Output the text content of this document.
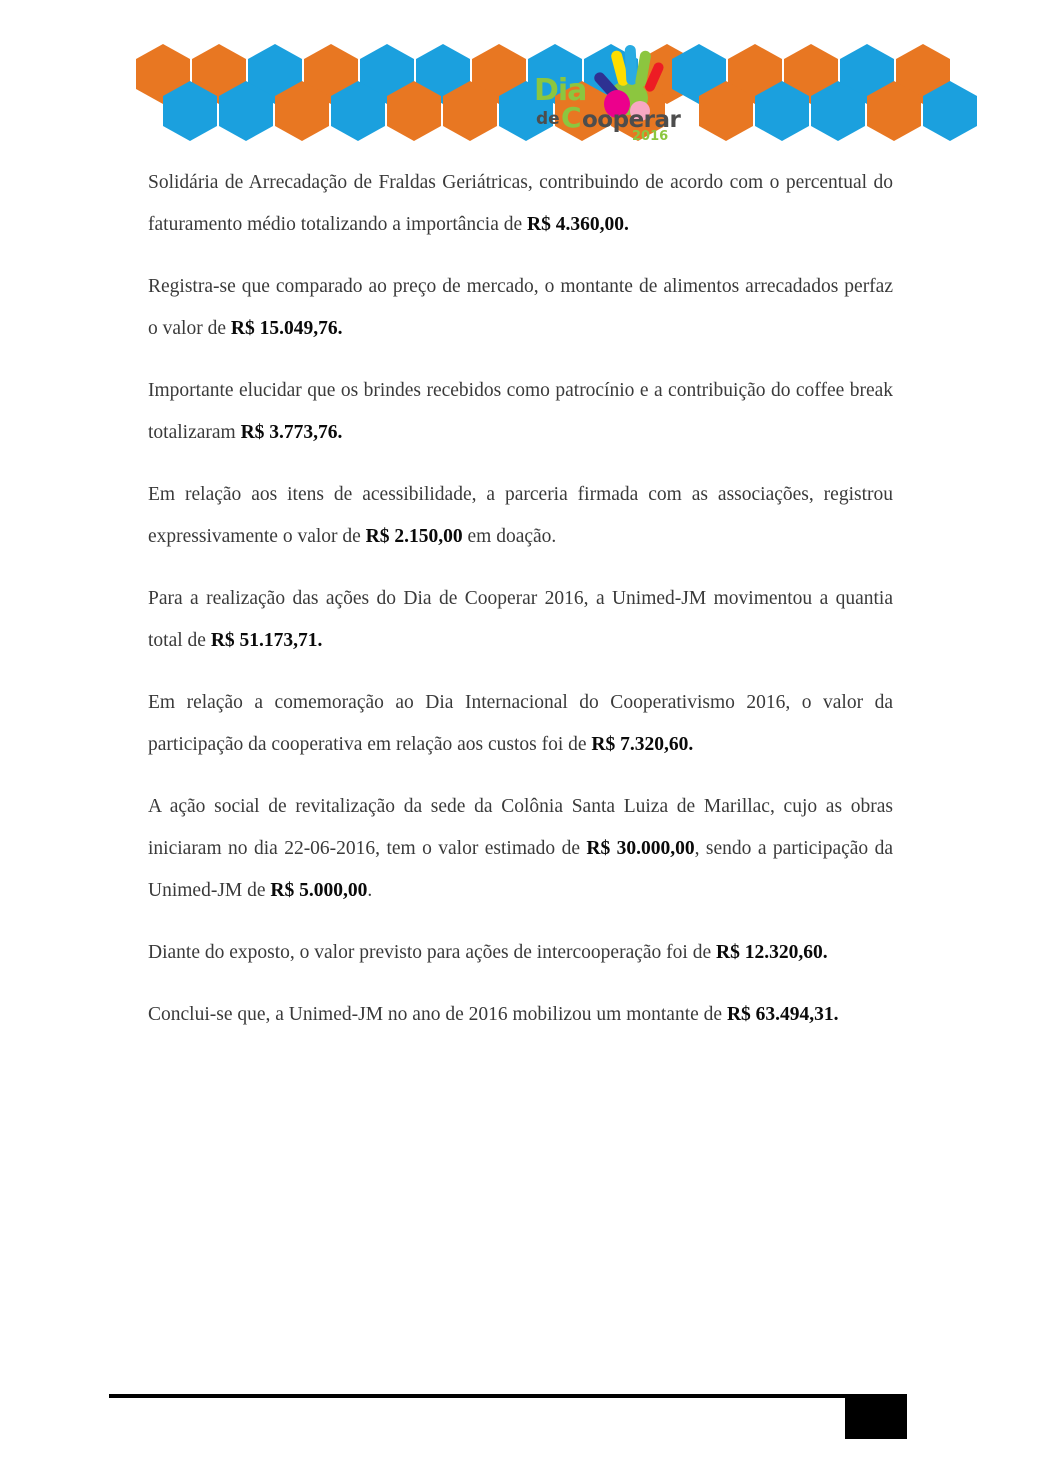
Dia
de C ooperar
2016

Solidária de Arrecadação de Fraldas Geriátricas, contribuindo de acordo com o percentual do faturamento médio totalizando a importância de R$ 4.360,00.

Registra-se que comparado ao preço de mercado, o montante de alimentos arrecadados perfaz o valor de R$ 15.049,76.

Importante elucidar que os brindes recebidos como patrocínio e a contribuição do coffee break totalizaram R$ 3.773,76.

Em relação aos itens de acessibilidade, a parceria firmada com as associações, registrou expressivamente o valor de R$ 2.150,00 em doação.

Para a realização das ações do Dia de Cooperar 2016, a Unimed-JM movimentou a quantia total de R$ 51.173,71.

Em relação a comemoração ao Dia Internacional do Cooperativismo 2016, o valor da participação da cooperativa em relação aos custos foi de R$ 7.320,60.

A ação social de revitalização da sede da Colônia Santa Luiza de Marillac, cujo as obras iniciaram no dia 22-06-2016, tem o valor estimado de R$ 30.000,00, sendo a participação da Unimed-JM de R$ 5.000,00.

Diante do exposto, o valor previsto para ações de intercooperação foi de R$ 12.320,60.

Conclui-se que, a Unimed-JM no ano de 2016 mobilizou um montante de R$ 63.494,31.
